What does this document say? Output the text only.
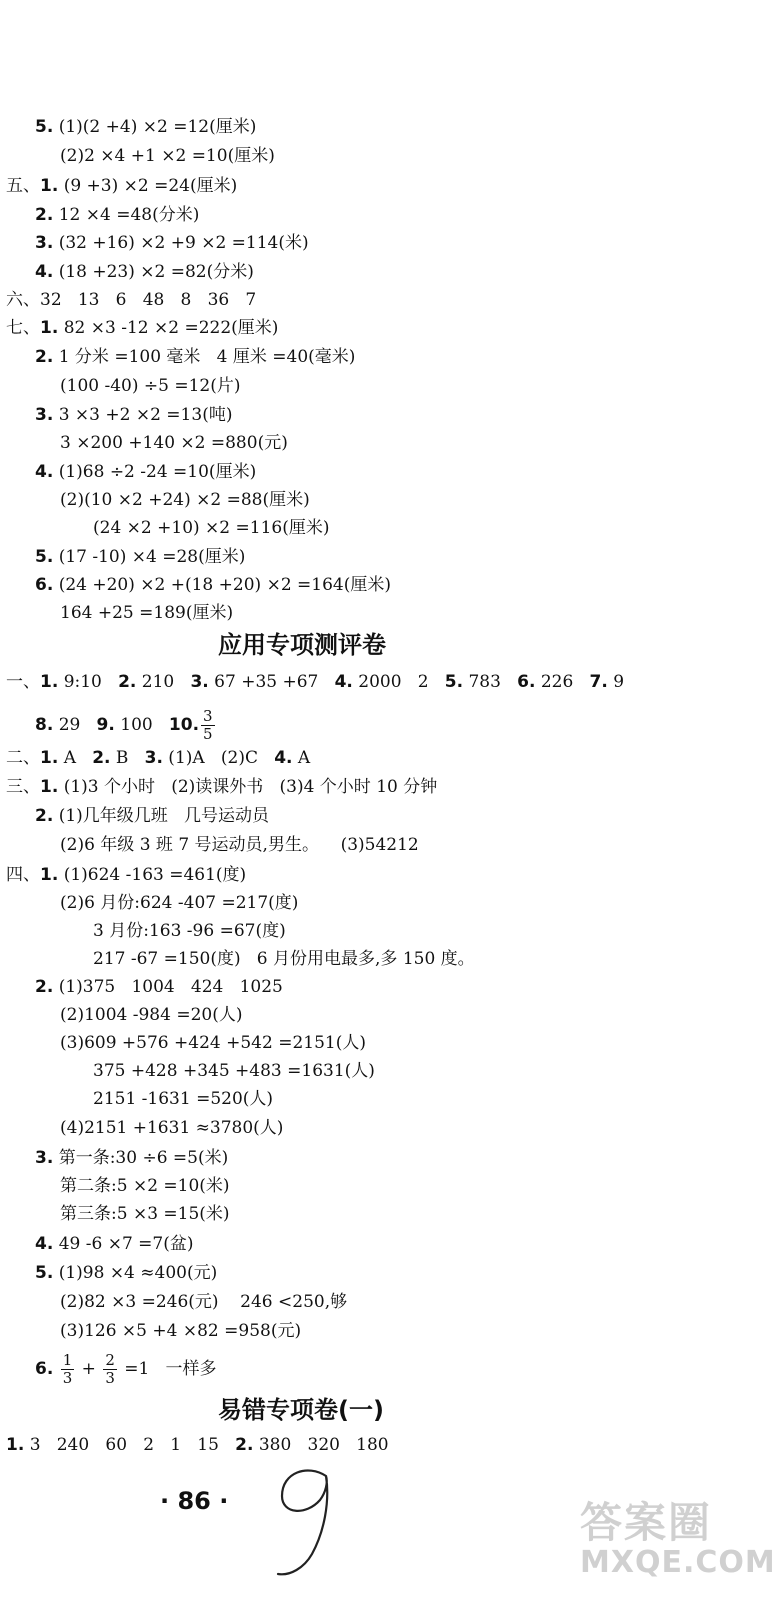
5. (1)(2 +4) ×2 =12(厘米)
(2)2 ×4 +1 ×2 =10(厘米)
五、1. (9 +3) ×2 =24(厘米)
2. 12 ×4 =48(分米)
3. (32 +16) ×2 +9 ×2 =114(米)
4. (18 +23) ×2 =82(分米)
六、32   13   6   48   8   36   7
七、1. 82 ×3 -12 ×2 =222(厘米)
2. 1 分米 =100 毫米   4 厘米 =40(毫米)
(100 -40) ÷5 =12(片)
3. 3 ×3 +2 ×2 =13(吨)
3 ×200 +140 ×2 =880(元)
4. (1)68 ÷2 -24 =10(厘米)
(2)(10 ×2 +24) ×2 =88(厘米)
(24 ×2 +10) ×2 =116(厘米)
5. (17 -10) ×4 =28(厘米)
6. (24 +20) ×2 +(18 +20) ×2 =164(厘米)
164 +25 =189(厘米)
一、1. 9:10   2. 210   3. 67 +35 +67   4. 2000   2   5. 783   6. 226   7. 9
8. 29   9. 100   10. $\frac{3}{5}$
二、1. A   2. B   3. (1)A   (2)C   4. A
三、1. (1)3 个小时   (2)读课外书   (3)4 个小时 10 分钟
2. (1)几年级几班   几号运动员
(2)6 年级 3 班 7 号运动员,男生。    (3)54212
四、1. (1)624 -163 =461(度)
(2)6 月份:624 -407 =217(度)
3 月份:163 -96 =67(度)
217 -67 =150(度)   6 月份用电最多,多 150 度。
2. (1)375   1004   424   1025
(2)1004 -984 =20(人)
(3)609 +576 +424 +542 =2151(人)
375 +428 +345 +483 =1631(人)
2151 -1631 =520(人)
(4)2151 +1631 ≈3780(人)
3. 第一条:30 ÷6 =5(米)
第二条:5 ×2 =10(米)
第三条:5 ×3 =15(米)
4. 49 -6 ×7 =7(盆)
5. (1)98 ×4 ≈400(元)
(2)82 ×3 =246(元)    246 <250,够
(3)126 ×5 +4 ×82 =958(元)
6. $\frac{1}{3} + \frac{2}{3} =1$   一样多
1. 3   240   60   2   1   15   2. 380   320   180
应用专项测评卷
易错专项卷(一)
· 86 ·	答案圈
MXQE.COM
